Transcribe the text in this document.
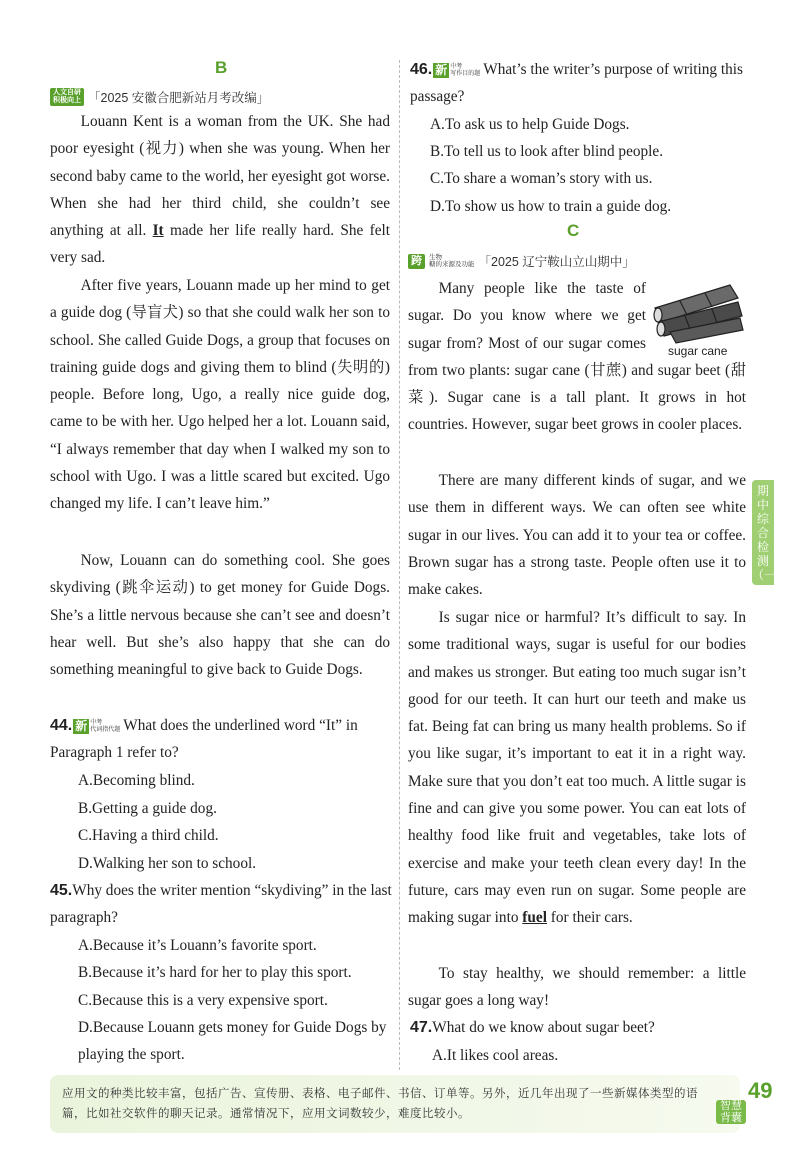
B
人文自研
积极向上 「2025 安徽合肥新站月考改编」

Louann Kent is a woman from the UK. She had poor eyesight (视力) when she was young. When her second baby came to the world, her eyesight got worse. When she had her third child, she couldn’t see anything at all. It made her life really hard. She felt very sad.

After five years, Louann made up her mind to get a guide dog (导盲犬) so that she could walk her son to school. She called Guide Dogs, a group that focuses on training guide dogs and giving them to blind (失明的) people. Before long, Ugo, a really nice guide dog, came to be with her. Ugo helped her a lot. Louann said, “I always remember that day when I walked my son to school with Ugo. I was a little scared but excited. Ugo changed my life. I can’t leave him.”

Now, Louann can do something cool. She goes skydiving (跳伞运动) to get money for Guide Dogs. She’s a little nervous because she can’t see and doesn’t hear well. But she’s also happy that she can do something meaningful to give back to Guide Dogs.

44. 新 中考
代词指代题 What does the underlined word “It” in Paragraph 1 refer to?

A.Becoming blind.

B.Getting a guide dog.

C.Having a third child.

D.Walking her son to school.

45.Why does the writer mention “skydiving” in the last paragraph?

A.Because it’s Louann’s favorite sport.

B.Because it’s hard for her to play this sport.

C.Because this is a very expensive sport.

D.Because Louann gets money for Guide Dogs by playing the sport.

46. 新 中考
写作目的题 What’s the writer’s purpose of writing this passage?

A.To ask us to help Guide Dogs.

B.To tell us to look after blind people.

C.To share a woman’s story with us.

D.To show us how to train a guide dog.

C
跨	生物
糖的来源及功能 「2025 辽宁鞍山立山期中」
sugar cane

Many people like the taste of sugar. Do you know where we get sugar from? Most of our sugar comes from two plants: sugar cane (甘蔗) and sugar beet (甜菜). Sugar cane is a tall plant. It grows in hot countries. However, sugar beet grows in cooler places.

There are many different kinds of sugar, and we use them in different ways. We can often see white sugar in our lives. You can add it to your tea or coffee. Brown sugar has a strong taste. People often use it to make cakes.

Is sugar nice or harmful? It’s difficult to say. In some traditional ways, sugar is useful for our bodies and makes us stronger. But eating too much sugar isn’t good for our teeth. It can hurt our teeth and make us fat. Being fat can bring us many health problems. So if you like sugar, it’s important to eat it in a right way. Make sure that you don’t eat too much. A little sugar is fine and can give you some power. You can eat lots of healthy food like fruit and vegetables, take lots of exercise and make your teeth clean every day! In the future, cars may even run on sugar. Some people are making sugar into fuel for their cars.

To stay healthy, we should remember: a little sugar goes a long way!

47.What do we know about sugar beet?

A.It likes cool areas.

期中综合检测（一）

应用文的种类比较丰富，包括广告、宣传册、表格、电子邮件、书信、订单等。另外，近几年出现了一些新媒体类型的语篇，比如社交软件的聊天记录。通常情况下，应用文词数较少，难度比较小。

49
智慧背囊
